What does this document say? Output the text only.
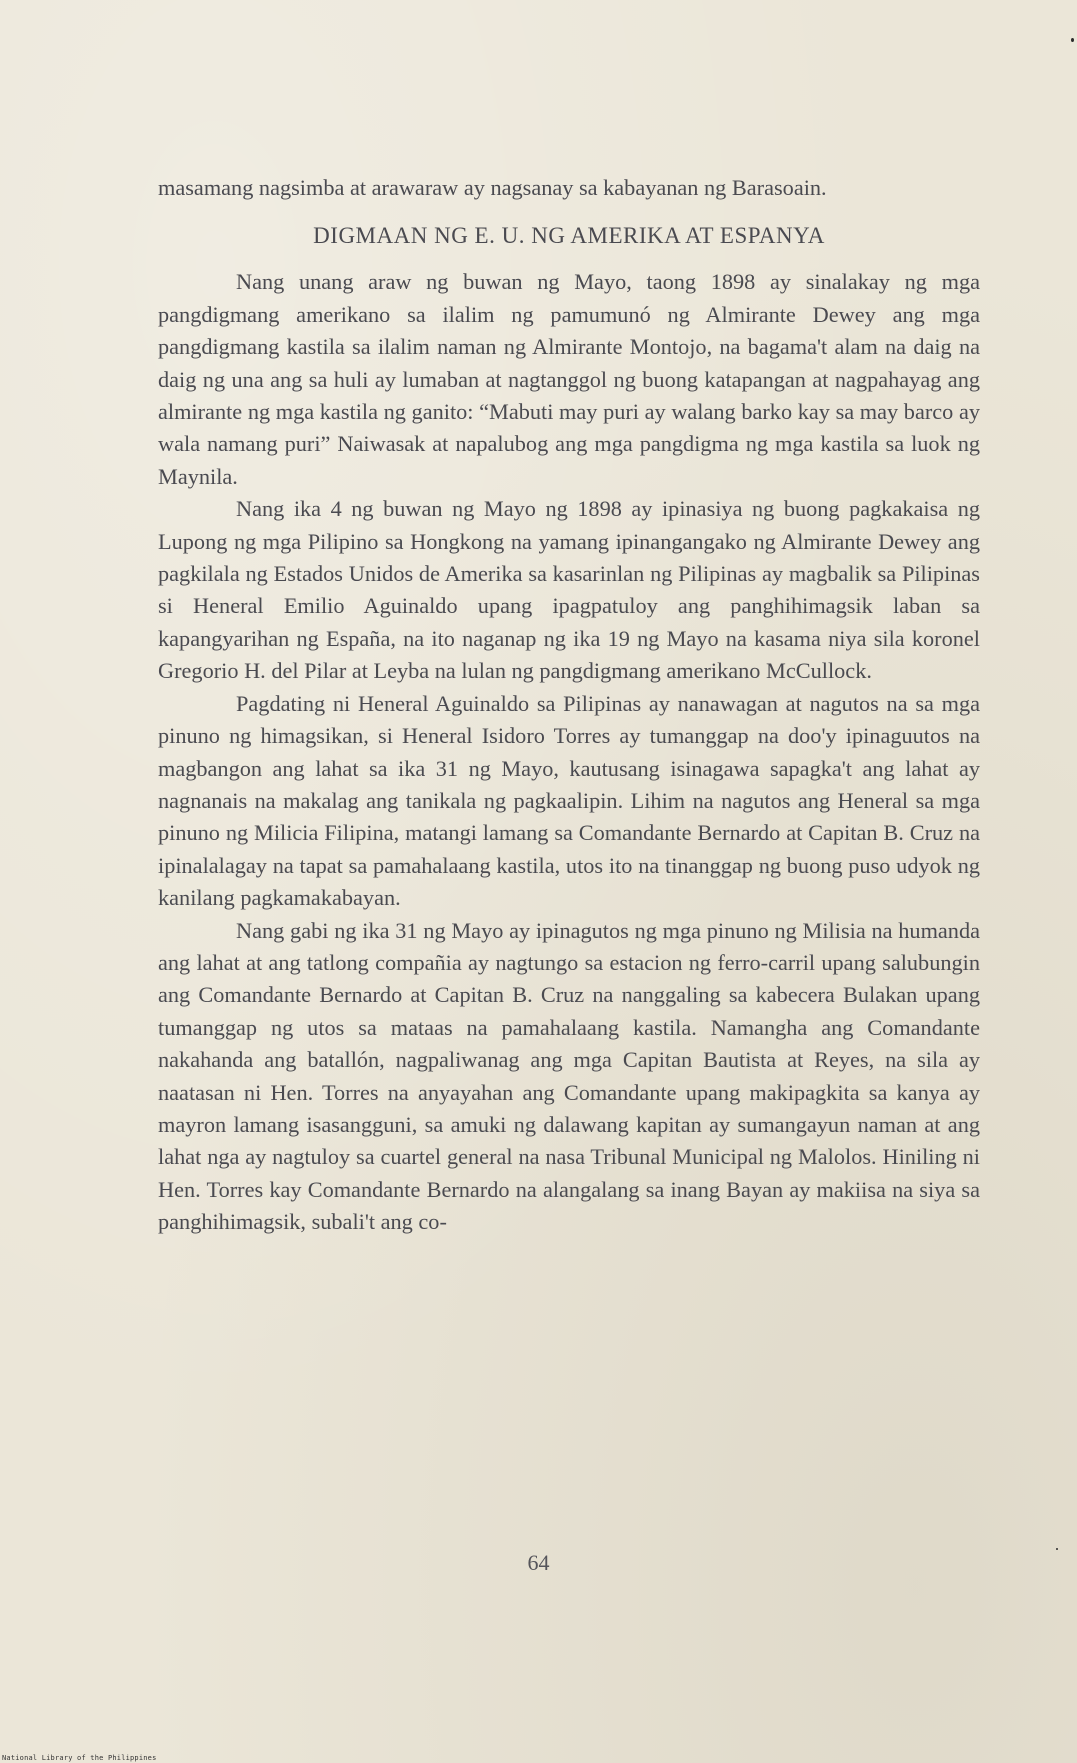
masamang nagsimba at arawaraw ay nagsanay sa kabayanan ng Barasoain.

DIGMAAN NG E. U. NG AMERIKA AT ESPANYA

Nang unang araw ng buwan ng Mayo, taong 1898 ay sinalakay ng mga pangdigmang amerikano sa ilalim ng pamumunó ng Almirante Dewey ang mga pangdigmang kastila sa ilalim naman ng Almirante Montojo, na bagama't alam na daig na daig ng una ang sa huli ay lumaban at nagtanggol ng buong katapangan at nagpahayag ang almirante ng mga kastila ng ganito: “Mabuti may puri ay walang barko kay sa may barco ay wala namang puri” Naiwasak at napalubog ang mga pangdigma ng mga kastila sa luok ng Maynila.

Nang ika 4 ng buwan ng Mayo ng 1898 ay ipinasiya ng buong pagkakaisa ng Lupong ng mga Pilipino sa Hongkong na yamang ipinangangako ng Almirante Dewey ang pagkilala ng Estados Unidos de Amerika sa kasarinlan ng Pilipinas ay magbalik sa Pilipinas si Heneral Emilio Aguinaldo upang ipagpatuloy ang panghihimagsik laban sa kapangyarihan ng España, na ito naganap ng ika 19 ng Mayo na kasama niya sila koronel Gregorio H. del Pilar at Leyba na lulan ng pangdigmang amerikano McCullock.

Pagdating ni Heneral Aguinaldo sa Pilipinas ay nanawagan at nagutos na sa mga pinuno ng himagsikan, si Heneral Isidoro Torres ay tumanggap na doo'y ipinaguutos na magbangon ang lahat sa ika 31 ng Mayo, kautusang isinagawa sapagka't ang lahat ay nagnanais na makalag ang tanikala ng pagkaalipin. Lihim na nagutos ang Heneral sa mga pinuno ng Milicia Filipina, matangi lamang sa Comandante Bernardo at Capitan B. Cruz na ipinalalagay na tapat sa pamahalaang kastila, utos ito na tinanggap ng buong puso udyok ng kanilang pagkamakabayan.

Nang gabi ng ika 31 ng Mayo ay ipinagutos ng mga pinuno ng Milisia na humanda ang lahat at ang tatlong compañia ay nagtungo sa estacion ng ferro-carril upang salubungin ang Comandante Bernardo at Capitan B. Cruz na nanggaling sa kabecera Bulakan upang tumanggap ng utos sa mataas na pamahalaang kastila. Namangha ang Comandante nakahanda ang batallón, nagpaliwanag ang mga Capitan Bautista at Reyes, na sila ay naatasan ni Hen. Torres na anyayahan ang Comandante upang makipagkita sa kanya ay mayron lamang isasangguni, sa amuki ng dalawang kapitan ay sumangayun naman at ang lahat nga ay nagtuloy sa cuartel general na nasa Tribunal Municipal ng Malolos. Hiniling ni Hen. Torres kay Comandante Bernardo na alangalang sa inang Bayan ay makiisa na siya sa panghihimagsik, subali't ang co-

64
National Library of the Philippines
